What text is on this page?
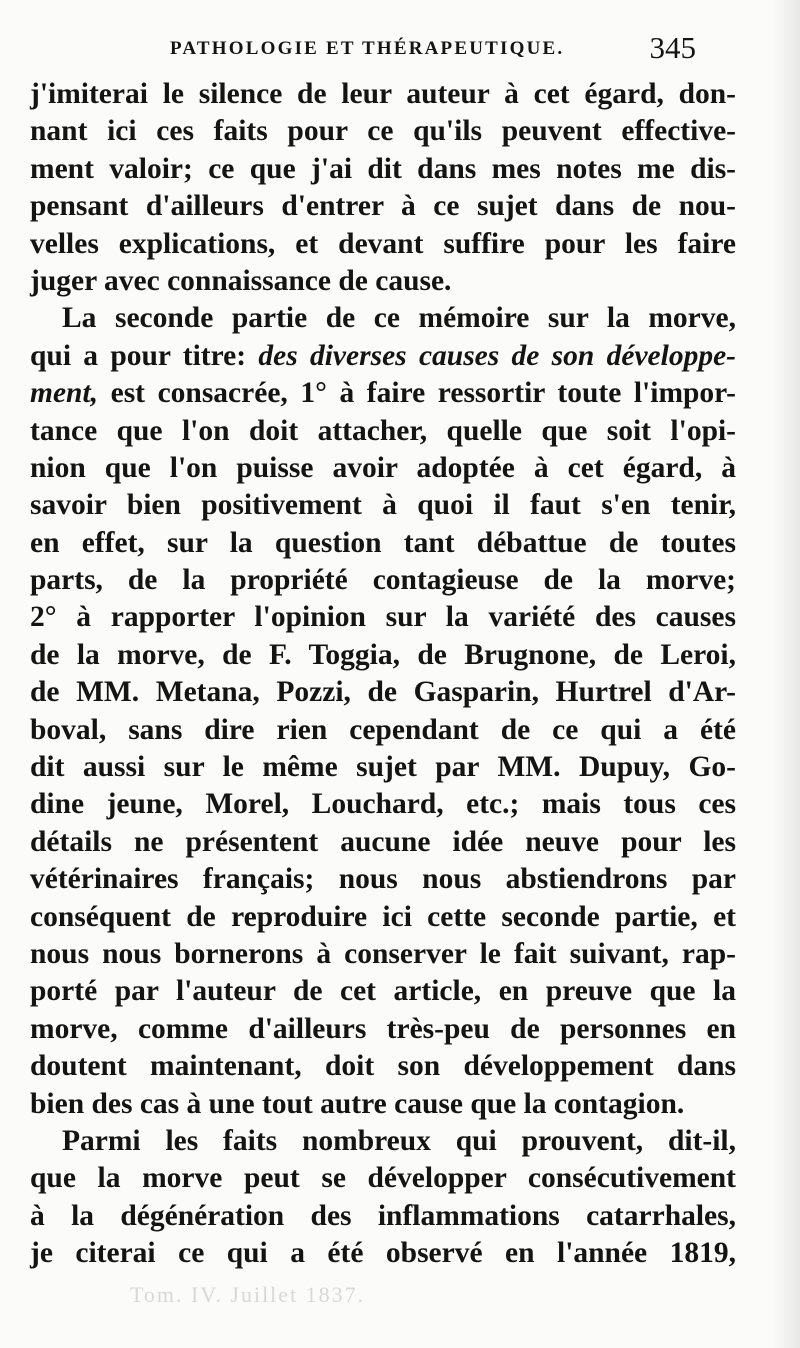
PATHOLOGIE ET THÉRAPEUTIQUE.	345
j'imiterai le silence de leur auteur à cet égard, don-
nant ici ces faits pour ce qu'ils peuvent effective-
ment valoir; ce que j'ai dit dans mes notes me dis-
pensant d'ailleurs d'entrer à ce sujet dans de nou-
velles explications, et devant suffire pour les faire
juger avec connaissance de cause.
La seconde partie de ce mémoire sur la morve,
qui a pour titre: des diverses causes de son développe-
ment, est consacrée, 1° à faire ressortir toute l'impor-
tance que l'on doit attacher, quelle que soit l'opi-
nion que l'on puisse avoir adoptée à cet égard, à
savoir bien positivement à quoi il faut s'en tenir,
en effet, sur la question tant débattue de toutes
parts, de la propriété contagieuse de la morve;
2° à rapporter l'opinion sur la variété des causes
de la morve, de F. Toggia, de Brugnone, de Leroi,
de MM. Metana, Pozzi, de Gasparin, Hurtrel d'Ar-
boval, sans dire rien cependant de ce qui a été
dit aussi sur le même sujet par MM. Dupuy, Go-
dine jeune, Morel, Louchard, etc.; mais tous ces
détails ne présentent aucune idée neuve pour les
vétérinaires français; nous nous abstiendrons par
conséquent de reproduire ici cette seconde partie, et
nous nous bornerons à conserver le fait suivant, rap-
porté par l'auteur de cet article, en preuve que la
morve, comme d'ailleurs très-peu de personnes en
doutent maintenant, doit son développement dans
bien des cas à une tout autre cause que la contagion.
Parmi les faits nombreux qui prouvent, dit-il,
que la morve peut se développer consécutivement
à la dégénération des inflammations catarrhales,
je citerai ce qui a été observé en l'année 1819,
Tom. IV. Juillet 1837.
